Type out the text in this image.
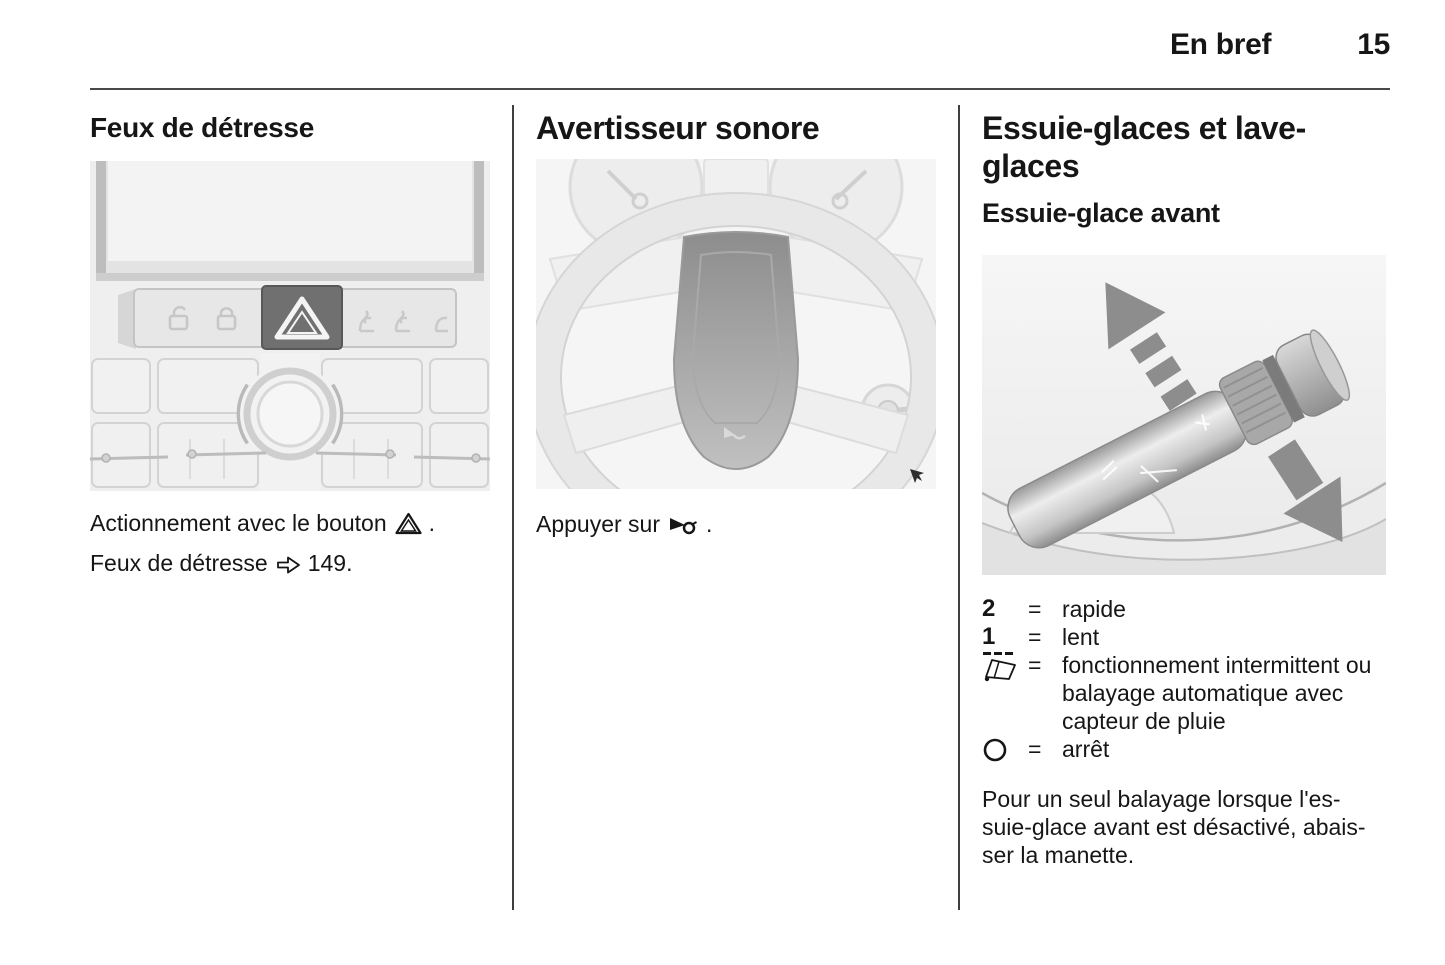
En bref	15
Feux de détresse

Actionnement avec le bouton .
Feux de détresse 149.

Avertisseur sonore

Appuyer sur .

Essuie-glaces et lave-
glaces
Essuie-glace avant
2	= rapide
1	= lent
= fonctionnement intermittent ou
balayage automatique avec
capteur de pluie
= arrêt
Pour un seul balayage lorsque l'es-
suie-glace avant est désactivé, abais-
ser la manette.
